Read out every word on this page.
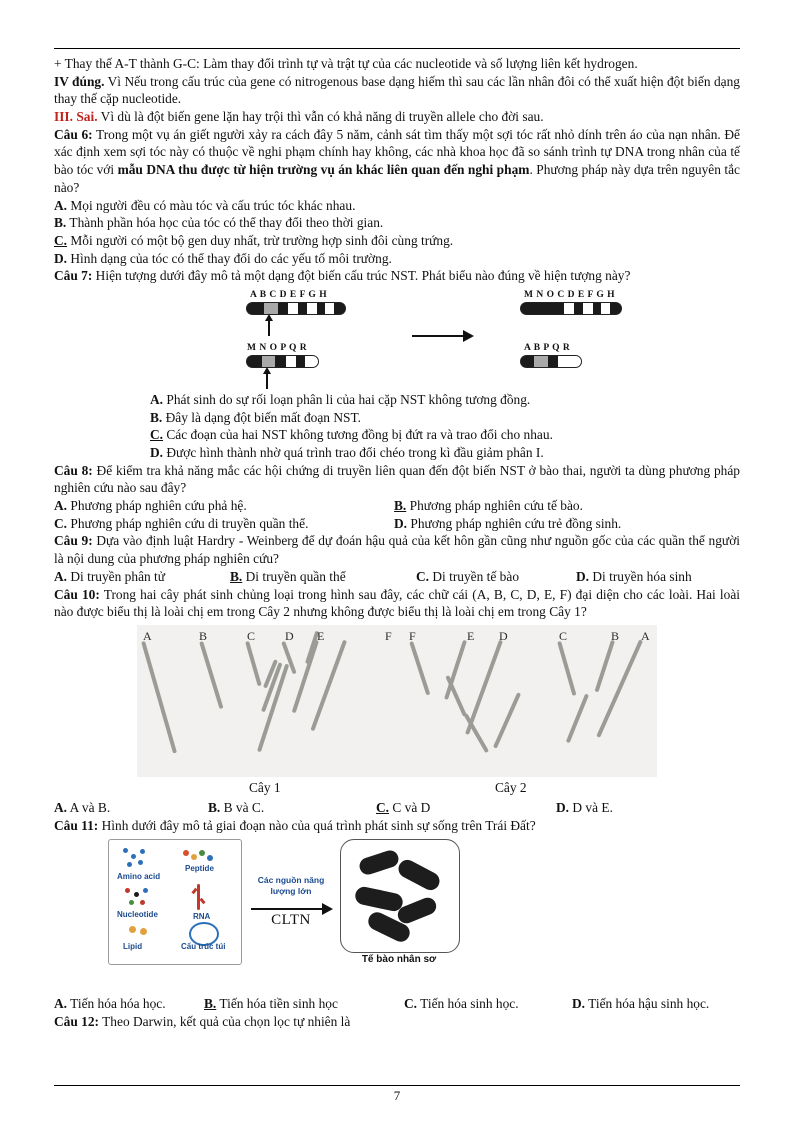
+ Thay thế A-T thành G-C: Làm thay đổi trình tự và trật tự của các nucleotide và số lượng liên kết hydrogen.

IV đúng. Vì Nếu trong cấu trúc của gene có nitrogenous base dạng hiếm thì sau các lần nhân đôi có thể xuất hiện đột biến dạng thay thế cặp nucleotide.

III. Sai. Vì dù là đột biến gene lặn hay trội thì vẫn có khả năng di truyền allele cho đời sau.

Câu 6: Trong một vụ án giết người xảy ra cách đây 5 năm, cảnh sát tìm thấy một sợi tóc rất nhỏ dính trên áo của nạn nhân. Để xác định xem sợi tóc này có thuộc về nghi phạm chính hay không, các nhà khoa học đã so sánh trình tự DNA trong nhân của tế bào tóc với mẫu DNA thu được từ hiện trường vụ án khác liên quan đến nghi phạm. Phương pháp này dựa trên nguyên tắc nào?

A. Mọi người đều có màu tóc và cấu trúc tóc khác nhau.

B. Thành phần hóa học của tóc có thể thay đổi theo thời gian.

C. Mỗi người có một bộ gen duy nhất, trừ trường hợp sinh đôi cùng trứng.

D. Hình dạng của tóc có thể thay đổi do các yếu tố môi trường.

Câu 7: Hiện tượng dưới đây mô tả một dạng đột biến cấu trúc NST. Phát biểu nào đúng về hiện tượng này?

A B C D E F G H
M N O P Q R
M N O C D E F G H
A B P Q R

A. Phát sinh do sự rối loạn phân li của hai cặp NST không tương đồng.

B. Đây là dạng đột biến mất đoạn NST.

C. Các đoạn của hai NST không tương đồng bị đứt ra và trao đổi cho nhau.

D. Được hình thành nhờ quá trình trao đổi chéo trong kì đầu giảm phân I.

Câu 8: Để kiểm tra khả năng mắc các hội chứng di truyền liên quan đến đột biến NST ở bào thai, người ta dùng phương pháp nghiên cứu nào sau đây?

A. Phương pháp nghiên cứu phả hệ.	B. Phương pháp nghiên cứu tế bào.
C. Phương pháp nghiên cứu di truyền quần thể.	D. Phương pháp nghiên cứu trẻ đồng sinh.

Câu 9: Dựa vào định luật Hardry - Weinberg để dự đoán hậu quả của kết hôn gần cũng như nguồn gốc của các quần thể người là nội dung của phương pháp nghiên cứu?

A. Di truyền phân tử	B. Di truyền quần thể	C. Di truyền tế bào	D. Di truyền hóa sinh

Câu 10: Trong hai cây phát sinh chủng loại trong hình sau đây, các chữ cái (A, B, C, D, E, F) đại diện cho các loài. Hai loài nào được biểu thị là loài chị em trong Cây 2 nhưng không được biểu thị là loài chị em trong Cây 1?

A	B	C D E	F F	E D	C	B A
Cây 1	Cây 2
A. A và B.	B. B và C.	C. C và D	D. D và E.

Câu 11: Hình dưới đây mô tả giai đoạn nào của quá trình phát sinh sự sống trên Trái Đất?

Amino acid
Peptide
Nucleotide	RNA
Lipid	Cấu trúc túi
Các nguồn năng lượng lớn
CLTN
Tế bào nhân sơ
A. Tiến hóa hóa học.	B. Tiến hóa tiền sinh học	C. Tiến hóa sinh học.	D. Tiến hóa hậu sinh học.

Câu 12: Theo Darwin, kết quả của chọn lọc tự nhiên là

7
